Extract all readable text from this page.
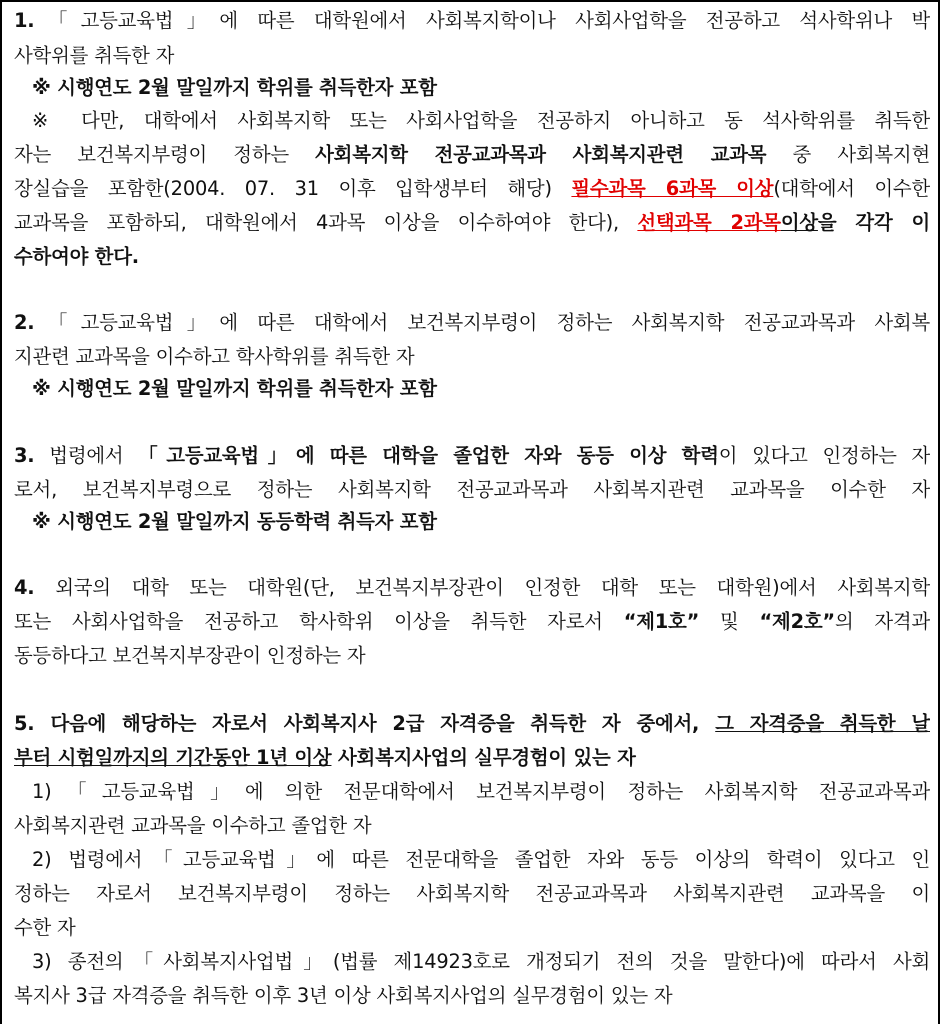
1.「고등교육법」에 따른 대학원에서 사회복지학이나 사회사업학을 전공하고 석사학위나 박
사학위를 취득한 자
※ 시행연도 2월 말일까지 학위를 취득한자 포함
※ 다만, 대학에서 사회복지학 또는 사회사업학을 전공하지 아니하고 동 석사학위를 취득한
자는 보건복지부령이 정하는 사회복지학 전공교과목과 사회복지관련 교과목 중 사회복지현
장실습을 포함한(2004. 07. 31 이후 입학생부터 해당) 필수과목 6과목 이상(대학에서 이수한
교과목을 포함하되, 대학원에서 4과목 이상을 이수하여야 한다), 선택과목 2과목이상을 각각 이
수하여야 한다.
2.「고등교육법」에 따른 대학에서 보건복지부령이 정하는 사회복지학 전공교과목과 사회복
지관련 교과목을 이수하고 학사학위를 취득한 자
※ 시행연도 2월 말일까지 학위를 취득한자 포함
3. 법령에서 「고등교육법」에 따른 대학을 졸업한 자와 동등 이상 학력이 있다고 인정하는 자
로서, 보건복지부령으로 정하는 사회복지학 전공교과목과 사회복지관련 교과목을 이수한 자
※ 시행연도 2월 말일까지 동등학력 취득자 포함
4. 외국의 대학 또는 대학원(단, 보건복지부장관이 인정한 대학 또는 대학원)에서 사회복지학
또는 사회사업학을 전공하고 학사학위 이상을 취득한 자로서 “제1호” 및 “제2호”의 자격과
동등하다고 보건복지부장관이 인정하는 자
5. 다음에 해당하는 자로서 사회복지사 2급 자격증을 취득한 자 중에서, 그 자격증을 취득한 날
부터 시험일까지의 기간동안 1년 이상 사회복지사업의 실무경험이 있는 자
1)「고등교육법」에 의한 전문대학에서 보건복지부령이 정하는 사회복지학 전공교과목과
사회복지관련 교과목을 이수하고 졸업한 자
2) 법령에서「고등교육법」에 따른 전문대학을 졸업한 자와 동등 이상의 학력이 있다고 인
정하는 자로서 보건복지부령이 정하는 사회복지학 전공교과목과 사회복지관련 교과목을 이
수한 자
3) 종전의「사회복지사업법」(법률 제14923호로 개정되기 전의 것을 말한다)에 따라서 사회
복지사 3급 자격증을 취득한 이후 3년 이상 사회복지사업의 실무경험이 있는 자
